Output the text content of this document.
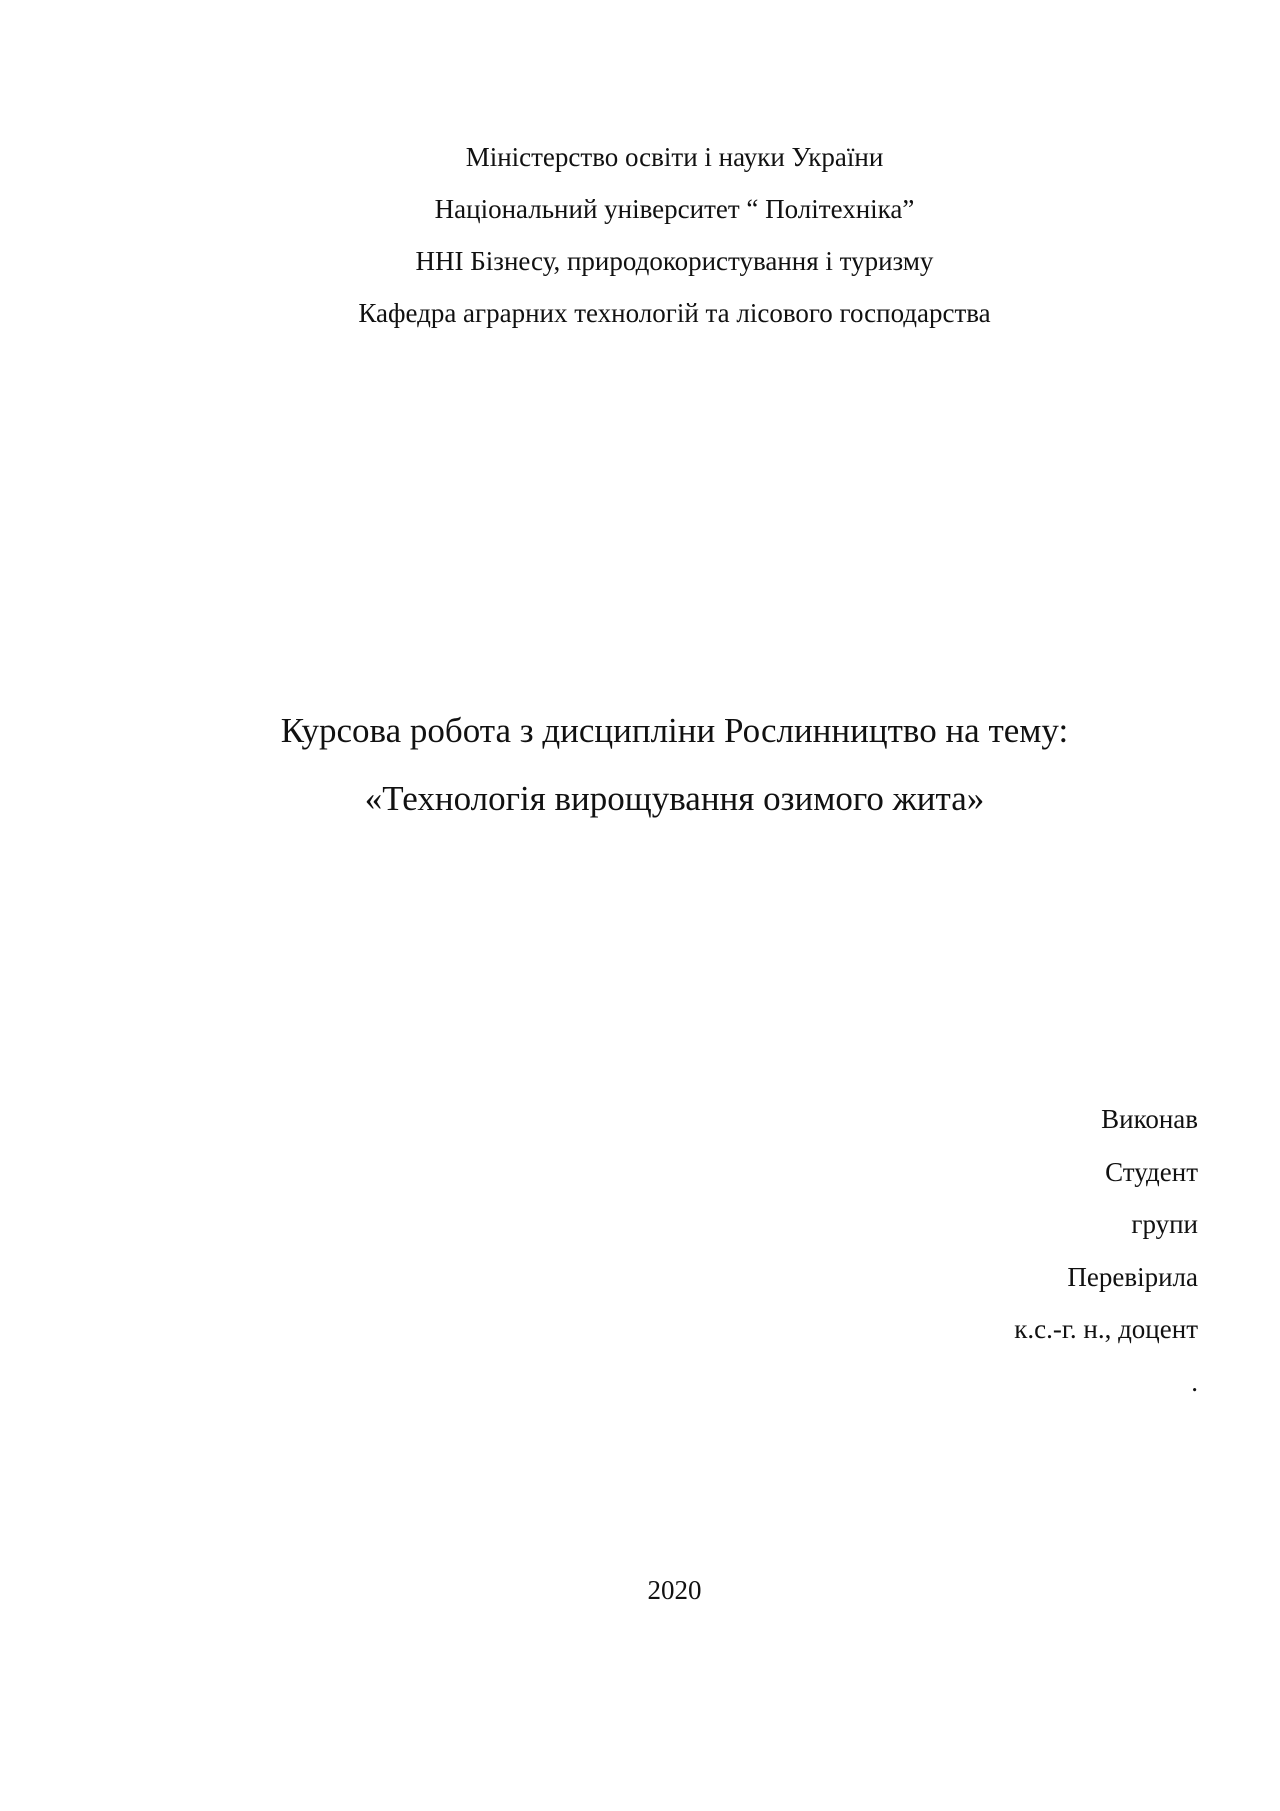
Міністерство освіти і науки України
Національний університет “ Політехніка”
ННІ Бізнесу, природокористування і туризму
Кафедра аграрних технологій та лісового господарства
Курсова робота з дисципліни Рослинництво на тему:
«Технологія вирощування озимого жита»
Виконав
Студент
групи
Перевірила
к.с.-г. н., доцент
.
2020
